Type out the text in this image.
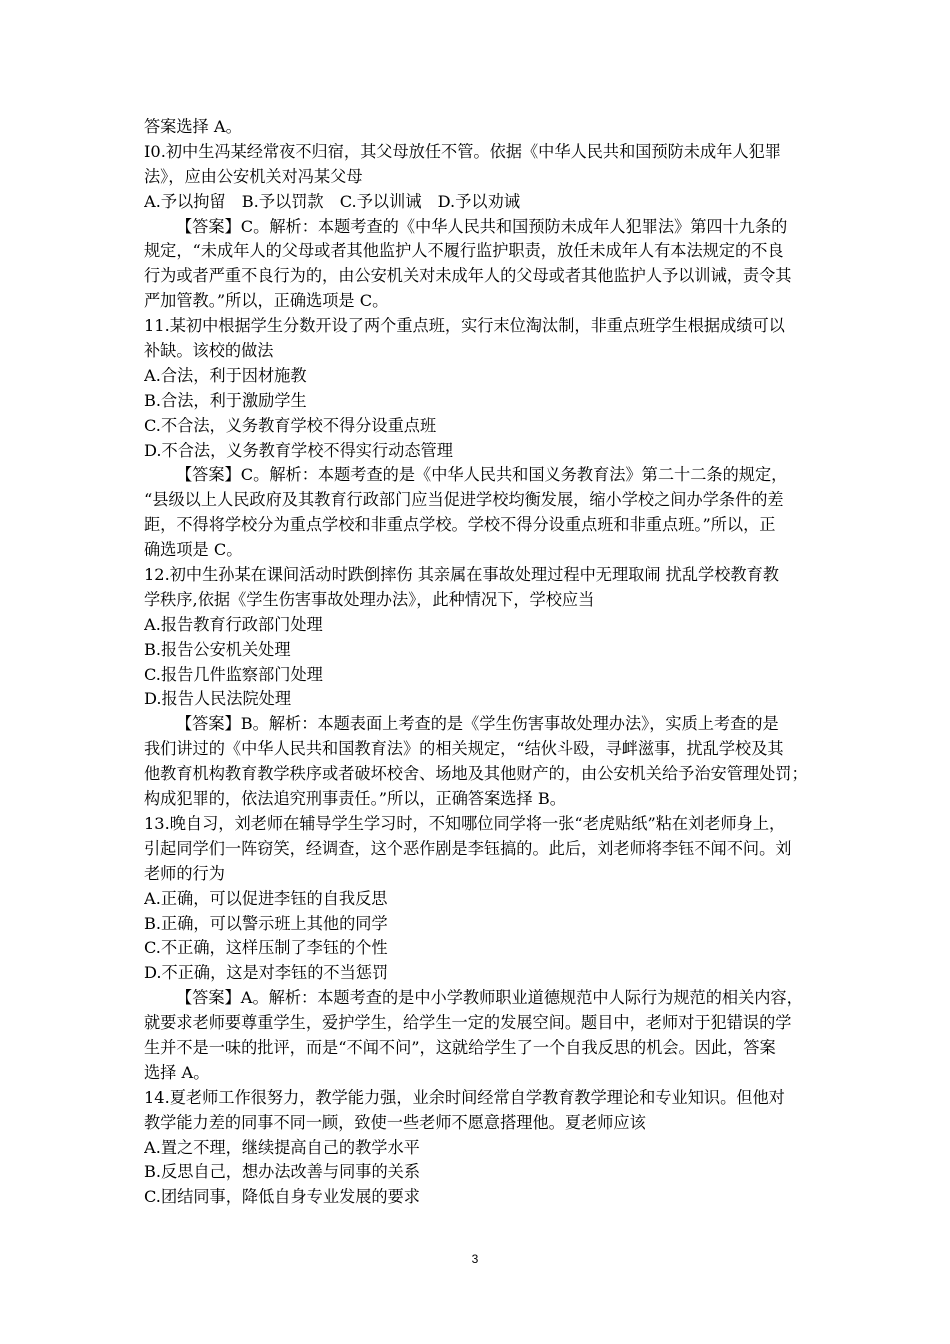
答案选择 A。
I0.初中生冯某经常夜不归宿，其父母放任不管。依据《中华人民共和国预防未成年人犯罪
法》，应由公安机关对冯某父母
A.予以拘留　B.予以罚款　C.予以训诫　D.予以劝诫
【答案】C。解析：本题考查的《中华人民共和国预防未成年人犯罪法》第四十九条的
规定，“未成年人的父母或者其他监护人不履行监护职责，放任未成年人有本法规定的不良
行为或者严重不良行为的，由公安机关对未成年人的父母或者其他监护人予以训诫，责令其
严加管教。”所以，正确选项是 C。
11.某初中根据学生分数开设了两个重点班，实行末位淘汰制，非重点班学生根据成绩可以
补缺。该校的做法
A.合法，利于因材施教
B.合法，利于激励学生
C.不合法，义务教育学校不得分设重点班
D.不合法，义务教育学校不得实行动态管理
【答案】C。解析：本题考查的是《中华人民共和国义务教育法》第二十二条的规定，
“县级以上人民政府及其教育行政部门应当促进学校均衡发展，缩小学校之间办学条件的差
距，不得将学校分为重点学校和非重点学校。学校不得分设重点班和非重点班。”所以，正
确选项是 C。
12.初中生孙某在课间活动时跌倒摔伤 其亲属在事故处理过程中无理取闹 扰乱学校教育教
学秩序,依据《学生伤害事故处理办法》，此种情况下，学校应当
A.报告教育行政部门处理
B.报告公安机关处理
C.报告几件监察部门处理
D.报告人民法院处理
【答案】B。解析：本题表面上考查的是《学生伤害事故处理办法》，实质上考查的是
我们讲过的《中华人民共和国教育法》的相关规定，“结伙斗殴，寻衅滋事，扰乱学校及其
他教育机构教育教学秩序或者破坏校舍、场地及其他财产的，由公安机关给予治安管理处罚；
构成犯罪的，依法追究刑事责任。”所以，正确答案选择 B。
13.晚自习，刘老师在辅导学生学习时，不知哪位同学将一张“老虎贴纸”粘在刘老师身上，
引起同学们一阵窃笑，经调查，这个恶作剧是李钰搞的。此后，刘老师将李钰不闻不问。刘
老师的行为
A.正确，可以促进李钰的自我反思
B.正确，可以警示班上其他的同学
C.不正确，这样压制了李钰的个性
D.不正确，这是对李钰的不当惩罚
【答案】A。解析：本题考查的是中小学教师职业道德规范中人际行为规范的相关内容，
就要求老师要尊重学生，爱护学生，给学生一定的发展空间。题目中，老师对于犯错误的学
生并不是一味的批评，而是“不闻不问”，这就给学生了一个自我反思的机会。因此，答案
选择 A。
14.夏老师工作很努力，教学能力强，业余时间经常自学教育教学理论和专业知识。但他对
教学能力差的同事不同一顾，致使一些老师不愿意搭理他。夏老师应该
A.置之不理，继续提高自己的教学水平
B.反思自己，想办法改善与同事的关系
C.团结同事，降低自身专业发展的要求
3
